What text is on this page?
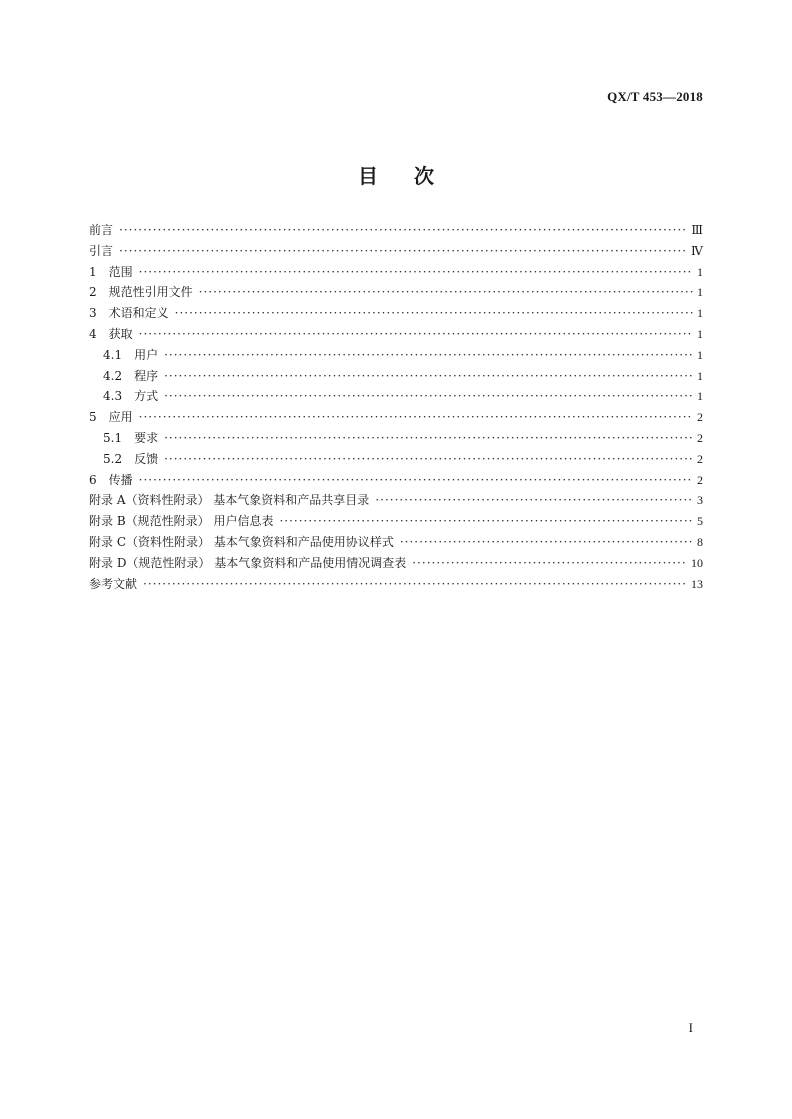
QX/T 453—2018
目次
前言 ·····	Ⅲ
引言 ·····	Ⅳ
1 范围 ·····	1
2 规范性引用文件 ·····	1
3 术语和定义 ·····	1
4 获取 ·····	1
4.1 用户 ·····	1
4.2 程序 ·····	1
4.3 方式 ·····	1
5 应用 ·····	2
5.1 要求 ·····	2
5.2 反馈 ·····	2
6 传播 ·····	2
附录 A（资料性附录） 基本气象资料和产品共享目录 ·····	3
附录 B（规范性附录） 用户信息表 ·····	5
附录 C（资料性附录） 基本气象资料和产品使用协议样式 ·····	8
附录 D（规范性附录） 基本气象资料和产品使用情况调查表 ·····	10
参考文献 ·····	13
I
